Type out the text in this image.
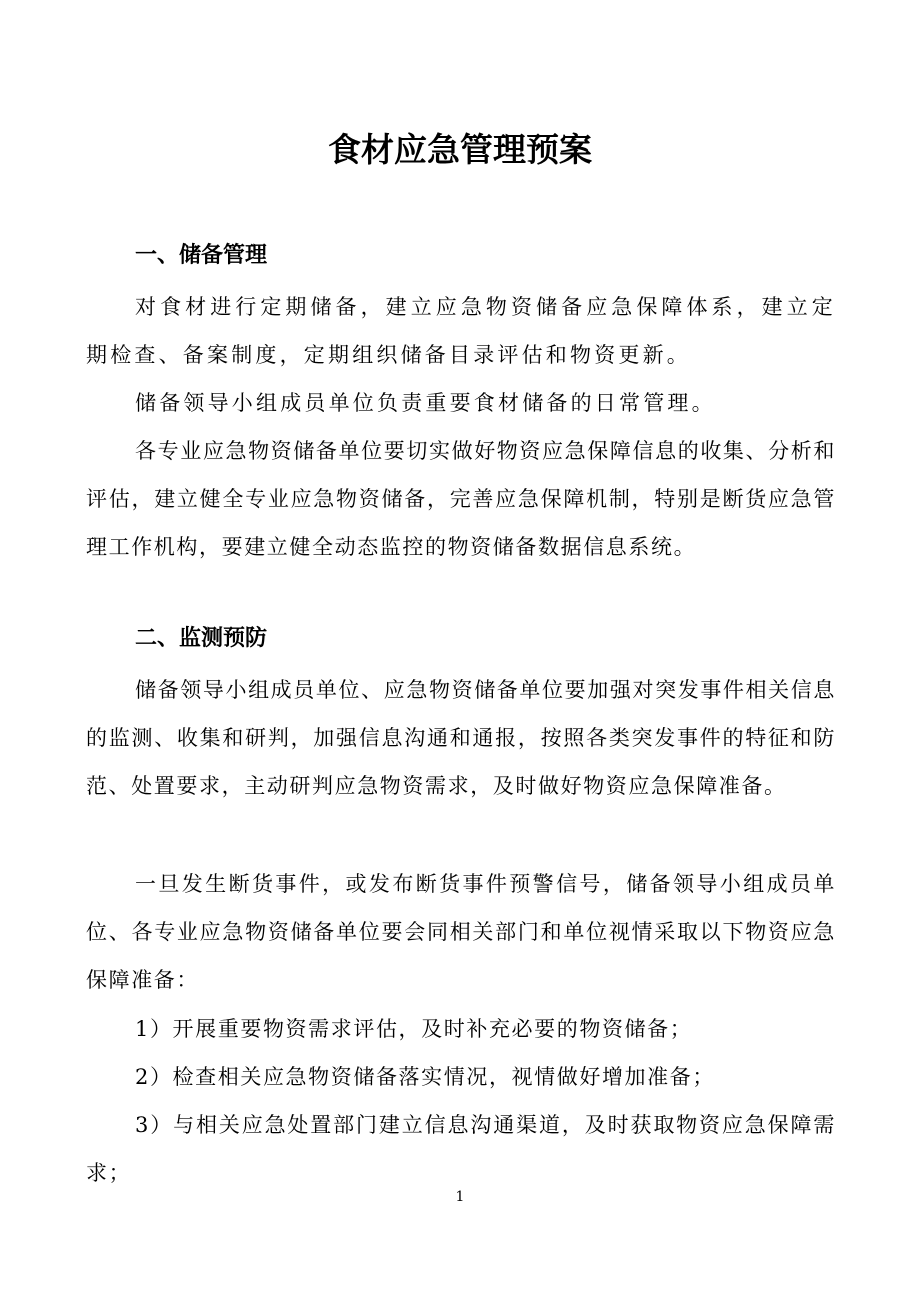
食材应急管理预案
一、储备管理
对食材进行定期储备，建立应急物资储备应急保障体系，建立定期检查、备案制度，定期组织储备目录评估和物资更新。
储备领导小组成员单位负责重要食材储备的日常管理。
各专业应急物资储备单位要切实做好物资应急保障信息的收集、分析和评估，建立健全专业应急物资储备，完善应急保障机制，特别是断货应急管理工作机构，要建立健全动态监控的物资储备数据信息系统。
二、监测预防
储备领导小组成员单位、应急物资储备单位要加强对突发事件相关信息的监测、收集和研判，加强信息沟通和通报，按照各类突发事件的特征和防范、处置要求，主动研判应急物资需求，及时做好物资应急保障准备。
一旦发生断货事件，或发布断货事件预警信号，储备领导小组成员单位、各专业应急物资储备单位要会同相关部门和单位视情采取以下物资应急保障准备：
1）开展重要物资需求评估，及时补充必要的物资储备；
2）检查相关应急物资储备落实情况，视情做好增加准备；
3）与相关应急处置部门建立信息沟通渠道，及时获取物资应急保障需求；
1
